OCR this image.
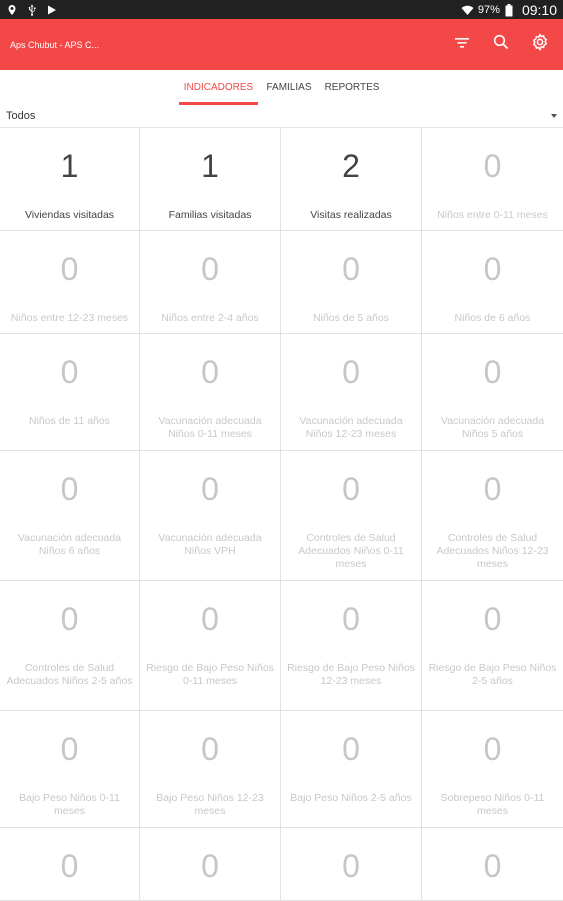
97% 09:10
Aps Chubut - APS C...
INDICADORES	FAMILIAS	REPORTES
Todos
1
Viviendas visitadas
1
Familias visitadas
2
Visitas realizadas
0
Niños entre 0-11 meses
0
Niños entre 12-23 meses
0
Niños entre 2-4 años
0
Niños de 5 años
0
Niños de 6 años
0
Niños de 11 años
0
Vacunación adecuada Niños 0-11 meses
0
Vacunación adecuada Niños 12-23 meses
0
Vacunación adecuada Niños 5 años
0
Vacunación adecuada Niños 6 años
0
Vacunación adecuada Niños VPH
0
Controles de Salud Adecuados Niños 0-11 meses
0
Controles de Salud Adecuados Niños 12-23 meses
0
Controles de Salud Adecuados Niños 2-5 años
0
Riesgo de Bajo Peso Niños 0-11 meses
0
Riesgo de Bajo Peso Niños 12-23 meses
0
Riesgo de Bajo Peso Niños 2-5 años
0
Bajo Peso Niños 0-11 meses
0
Bajo Peso Niños 12-23 meses
0
Bajo Peso Niños 2-5 años
0
Sobrepeso Niños 0-11 meses
0	0	0	0
